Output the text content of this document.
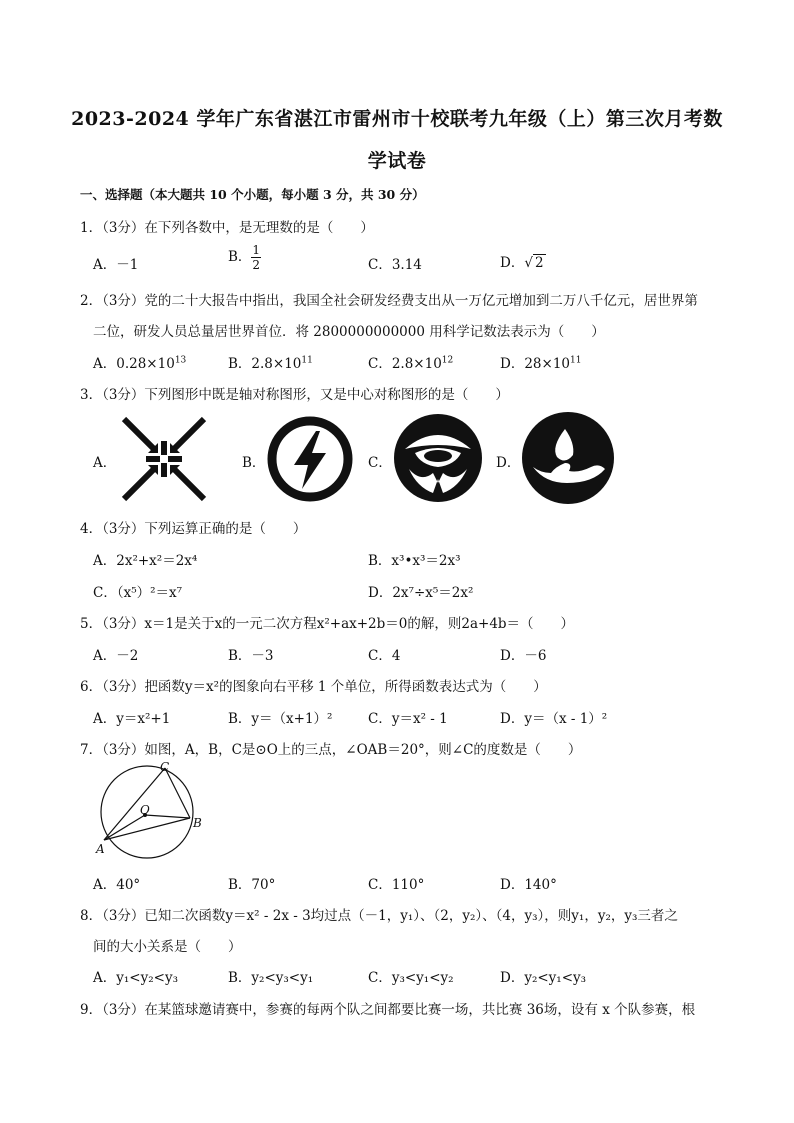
2023-2024 学年广东省湛江市雷州市十校联考九年级（上）第三次月考数
学试卷
一、选择题（本大题共 10 个小题，每小题 3 分，共 30 分）
1．（3分）在下列各数中，是无理数的是（　　）
A．－1	B． $\frac{1}{2}$	C．3.14	D．√ 2
2．（3分）党的二十大报告中指出，我国全社会研发经费支出从一万亿元增加到二万八千亿元，居世界第
二位，研发人员总量居世界首位．将 2800000000000 用科学记数法表示为（　　）
A．$0.28\times 10^{13}$	B．$2.8\times 10^{11}$	C．$2.8\times 10^{12}$	D．$28\times 10^{11}$
3．（3分）下列图形中既是轴对称图形，又是中心对称图形的是（　　）
A．	B．	C．	D．
4．（3分）下列运算正确的是（　　）
A．2x²+x²＝2x⁴	B．x³•x³＝2x³
C．（x⁵）²＝x⁷	D．2x⁷÷x⁵＝2x²
5．（3分）x＝1是关于x的一元二次方程x²+ax+2b＝0的解，则2a+4b＝（　　）
A．－2	B．－3	C．4	D．－6
6．（3分）把函数y＝x²的图象向右平移 1 个单位，所得函数表达式为（　　）
A．y＝x²+1	B．y＝（x+1）²	C．y＝x² - 1	D．y＝（x - 1）²
7．（3分）如图，A，B，C是⊙O上的三点，∠OAB＝20°，则∠C的度数是（　　）
C
B
A
O
A．40°	B．70°	C．110°	D．140°
8．（3分）已知二次函数y＝x² - 2x - 3均过点（－1，y₁）、（2，y₂）、（4，y₃），则y₁，y₂，y₃三者之
间的大小关系是（　　）
A．y₁<y₂<y₃	B．y₂<y₃<y₁	C．y₃<y₁<y₂	D．y₂<y₁<y₃
9．（3分）在某篮球邀请赛中，参赛的每两个队之间都要比赛一场，共比赛 36场，设有 x 个队参赛，根
